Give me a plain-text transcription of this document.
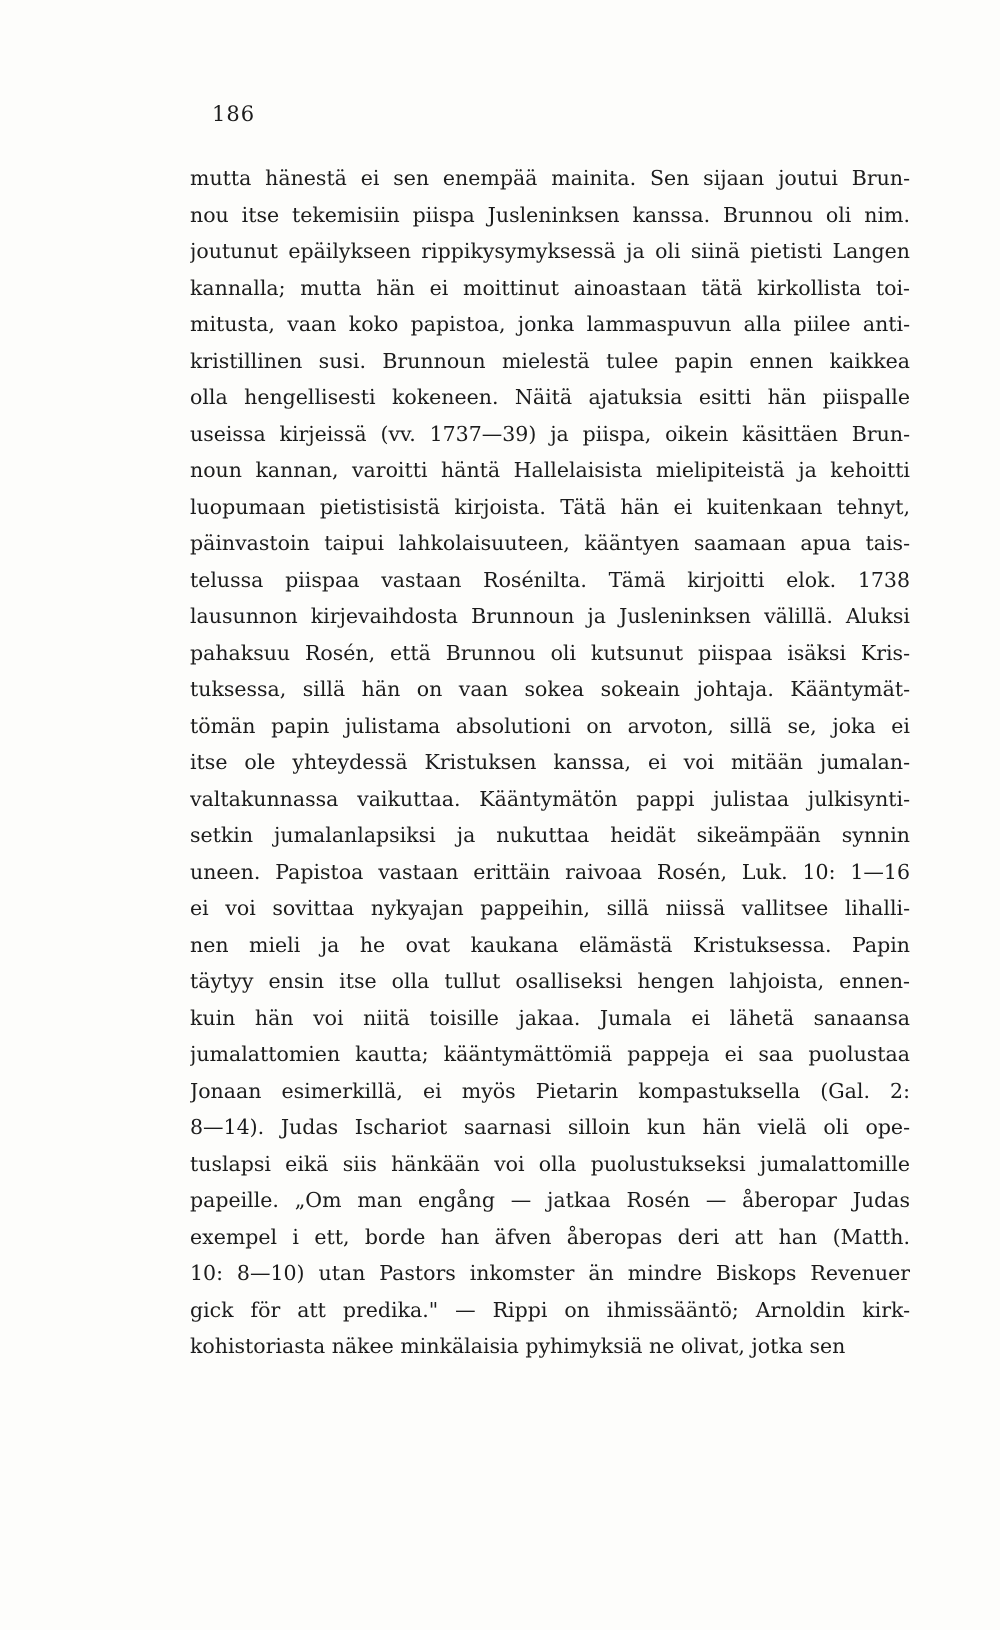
186
mutta hänestä ei sen enempää mainita. Sen sijaan joutui Brun-
nou itse tekemisiin piispa Jusleninksen kanssa. Brunnou oli nim.
joutunut epäilykseen rippikysymyksessä ja oli siinä pietisti Langen
kannalla; mutta hän ei moittinut ainoastaan tätä kirkollista toi-
mitusta, vaan koko papistoa, jonka lammaspuvun alla piilee anti-
kristillinen susi. Brunnoun mielestä tulee papin ennen kaikkea
olla hengellisesti kokeneen. Näitä ajatuksia esitti hän piispalle
useissa kirjeissä (vv. 1737—39) ja piispa, oikein käsittäen Brun-
noun kannan, varoitti häntä Hallelaisista mielipiteistä ja kehoitti
luopumaan pietistisistä kirjoista. Tätä hän ei kuitenkaan tehnyt,
päinvastoin taipui lahkolaisuuteen, kääntyen saamaan apua tais-
telussa piispaa vastaan Rosénilta. Tämä kirjoitti elok. 1738
lausunnon kirjevaihdosta Brunnoun ja Jusleninksen välillä. Aluksi
pahaksuu Rosén, että Brunnou oli kutsunut piispaa isäksi Kris-
tuksessa, sillä hän on vaan sokea sokeain johtaja. Kääntymät-
tömän papin julistama absolutioni on arvoton, sillä se, joka ei
itse ole yhteydessä Kristuksen kanssa, ei voi mitään jumalan-
valtakunnassa vaikuttaa. Kääntymätön pappi julistaa julkisynti-
setkin jumalanlapsiksi ja nukuttaa heidät sikeämpään synnin
uneen. Papistoa vastaan erittäin raivoaa Rosén, Luk. 10: 1—16
ei voi sovittaa nykyajan pappeihin, sillä niissä vallitsee lihalli-
nen mieli ja he ovat kaukana elämästä Kristuksessa. Papin
täytyy ensin itse olla tullut osalliseksi hengen lahjoista, ennen-
kuin hän voi niitä toisille jakaa. Jumala ei lähetä sanaansa
jumalattomien kautta; kääntymättömiä pappeja ei saa puolustaa
Jonaan esimerkillä, ei myös Pietarin kompastuksella (Gal. 2:
8—14). Judas Ischariot saarnasi silloin kun hän vielä oli ope-
tuslapsi eikä siis hänkään voi olla puolustukseksi jumalattomille
papeille. „Om man engång — jatkaa Rosén — åberopar Judas
exempel i ett, borde han äfven åberopas deri att han (Matth.
10: 8—10) utan Pastors inkomster än mindre Biskops Revenuer
gick för att predika." — Rippi on ihmissääntö; Arnoldin kirk-
kohistoriasta näkee minkälaisia pyhimyksiä ne olivat, jotka sen
